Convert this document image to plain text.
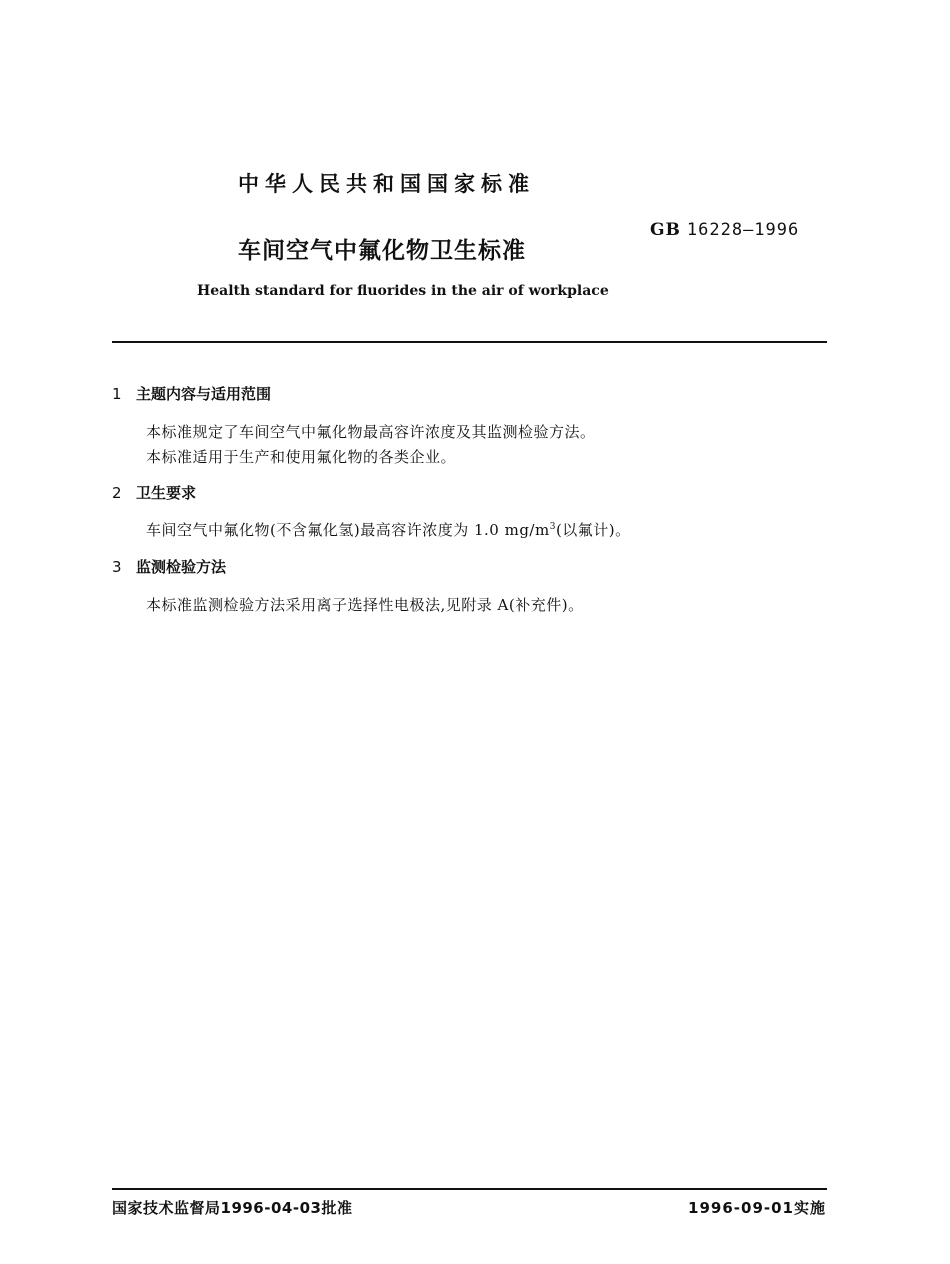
中华人民共和国国家标准
GB 16228—1996
车间空气中氟化物卫生标准
Health standard for fluorides in the air of workplace
1 主题内容与适用范围
本标准规定了车间空气中氟化物最高容许浓度及其监测检验方法。
本标准适用于生产和使用氟化物的各类企业。
2 卫生要求
车间空气中氟化物(不含氟化氢)最高容许浓度为 1.0 $mg/m^3$(以氟计)。
3 监测检验方法
本标准监测检验方法采用离子选择性电极法,见附录 A(补充件)。
国家技术监督局1996-04-03批准	1996-09-01实施
